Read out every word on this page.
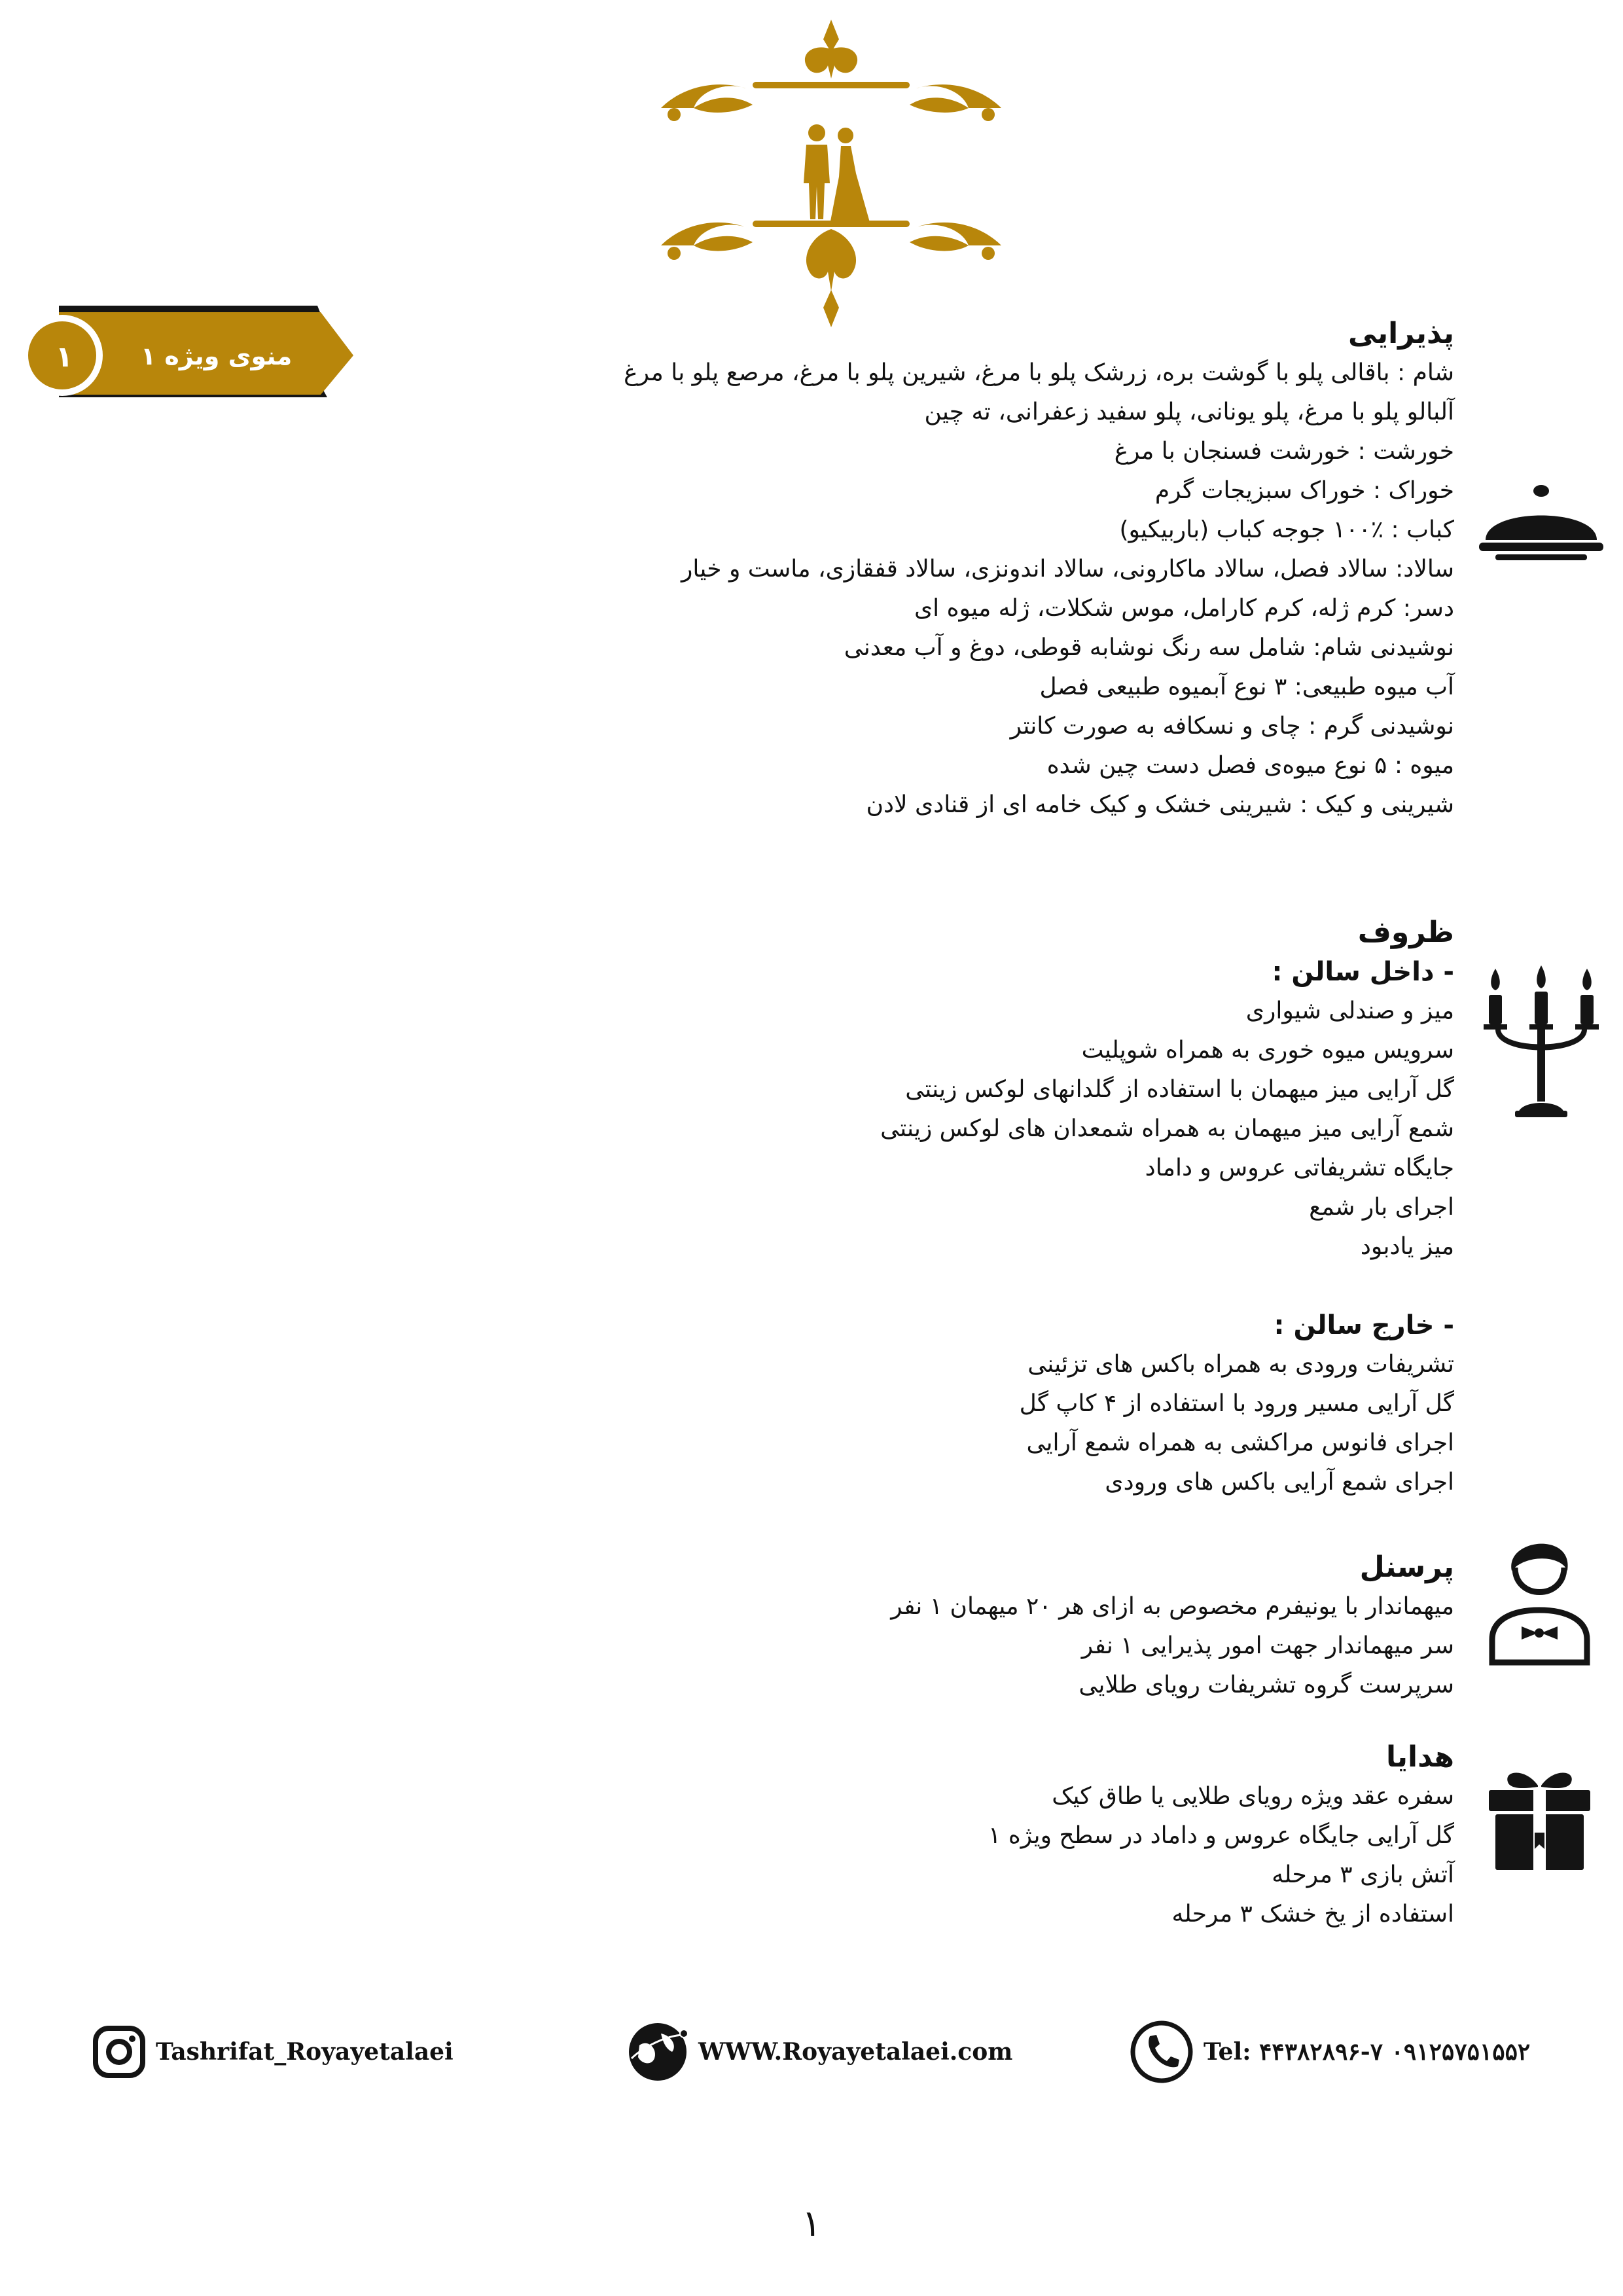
منوی ویژه ۱
۱
پذیرایی
شام : باقالی پلو با گوشت بره، زرشک پلو با مرغ، شیرین پلو با مرغ، مرصع پلو با مرغ
آلبالو پلو با مرغ، پلو یونانی، پلو سفید زعفرانی، ته چین
خورشت : خورشت فسنجان با مرغ
خوراک : خوراک سبزیجات گرم
کباب : ٪۱۰۰ جوجه کباب (باربیکیو)
سالاد: سالاد فصل، سالاد ماکارونی، سالاد اندونزی، سالاد قفقازی، ماست و خیار
دسر: کرم ژله، کرم کارامل، موس شکلات، ژله میوه ای
نوشیدنی شام: شامل سه رنگ نوشابه قوطی، دوغ و آب معدنی
آب میوه طبیعی: ۳ نوع آبمیوه طبیعی فصل
نوشیدنی گرم : چای و نسکافه به صورت کانتر
میوه : ۵ نوع میوه‌ی فصل دست چین شده
شیرینی و کیک : شیرینی خشک و کیک خامه ای از قنادی لادن
ظروف
- داخل سالن :
میز و صندلی شیواری
سرویس میوه خوری به همراه شوپلیت
گل آرایی میز میهمان با استفاده از گلدانهای لوکس زینتی
شمع آرایی میز میهمان به همراه شمعدان های لوکس زینتی
جایگاه تشریفاتی عروس و داماد
اجرای بار شمع
میز یادبود
- خارج سالن :
تشریفات ورودی به همراه باکس های تزئینی
گل آرایی مسیر ورود با استفاده از ۴ کاپ گل
اجرای فانوس مراکشی به همراه شمع آرایی
اجرای شمع آرایی باکس های ورودی
پرسنل
میهماندار با یونیفرم مخصوص به ازای هر ۲۰ میهمان ۱ نفر
سر میهماندار جهت امور پذیرایی ۱ نفر
سرپرست گروه تشریفات رویای طلایی
هدایا
سفره عقد ویژه رویای طلایی یا طاق کیک
گل آرایی جایگاه عروس و داماد در سطح ویژه ۱
آتش بازی ۳ مرحله
استفاده از یخ خشک ۳ مرحله
Tashrifat_Royayetalaei	WWW.Royayetalaei.com	Tel: ۴۴۳۸۲۸۹۶-۷ ۰۹۱۲۵۷۵۱۵۵۲
۱
